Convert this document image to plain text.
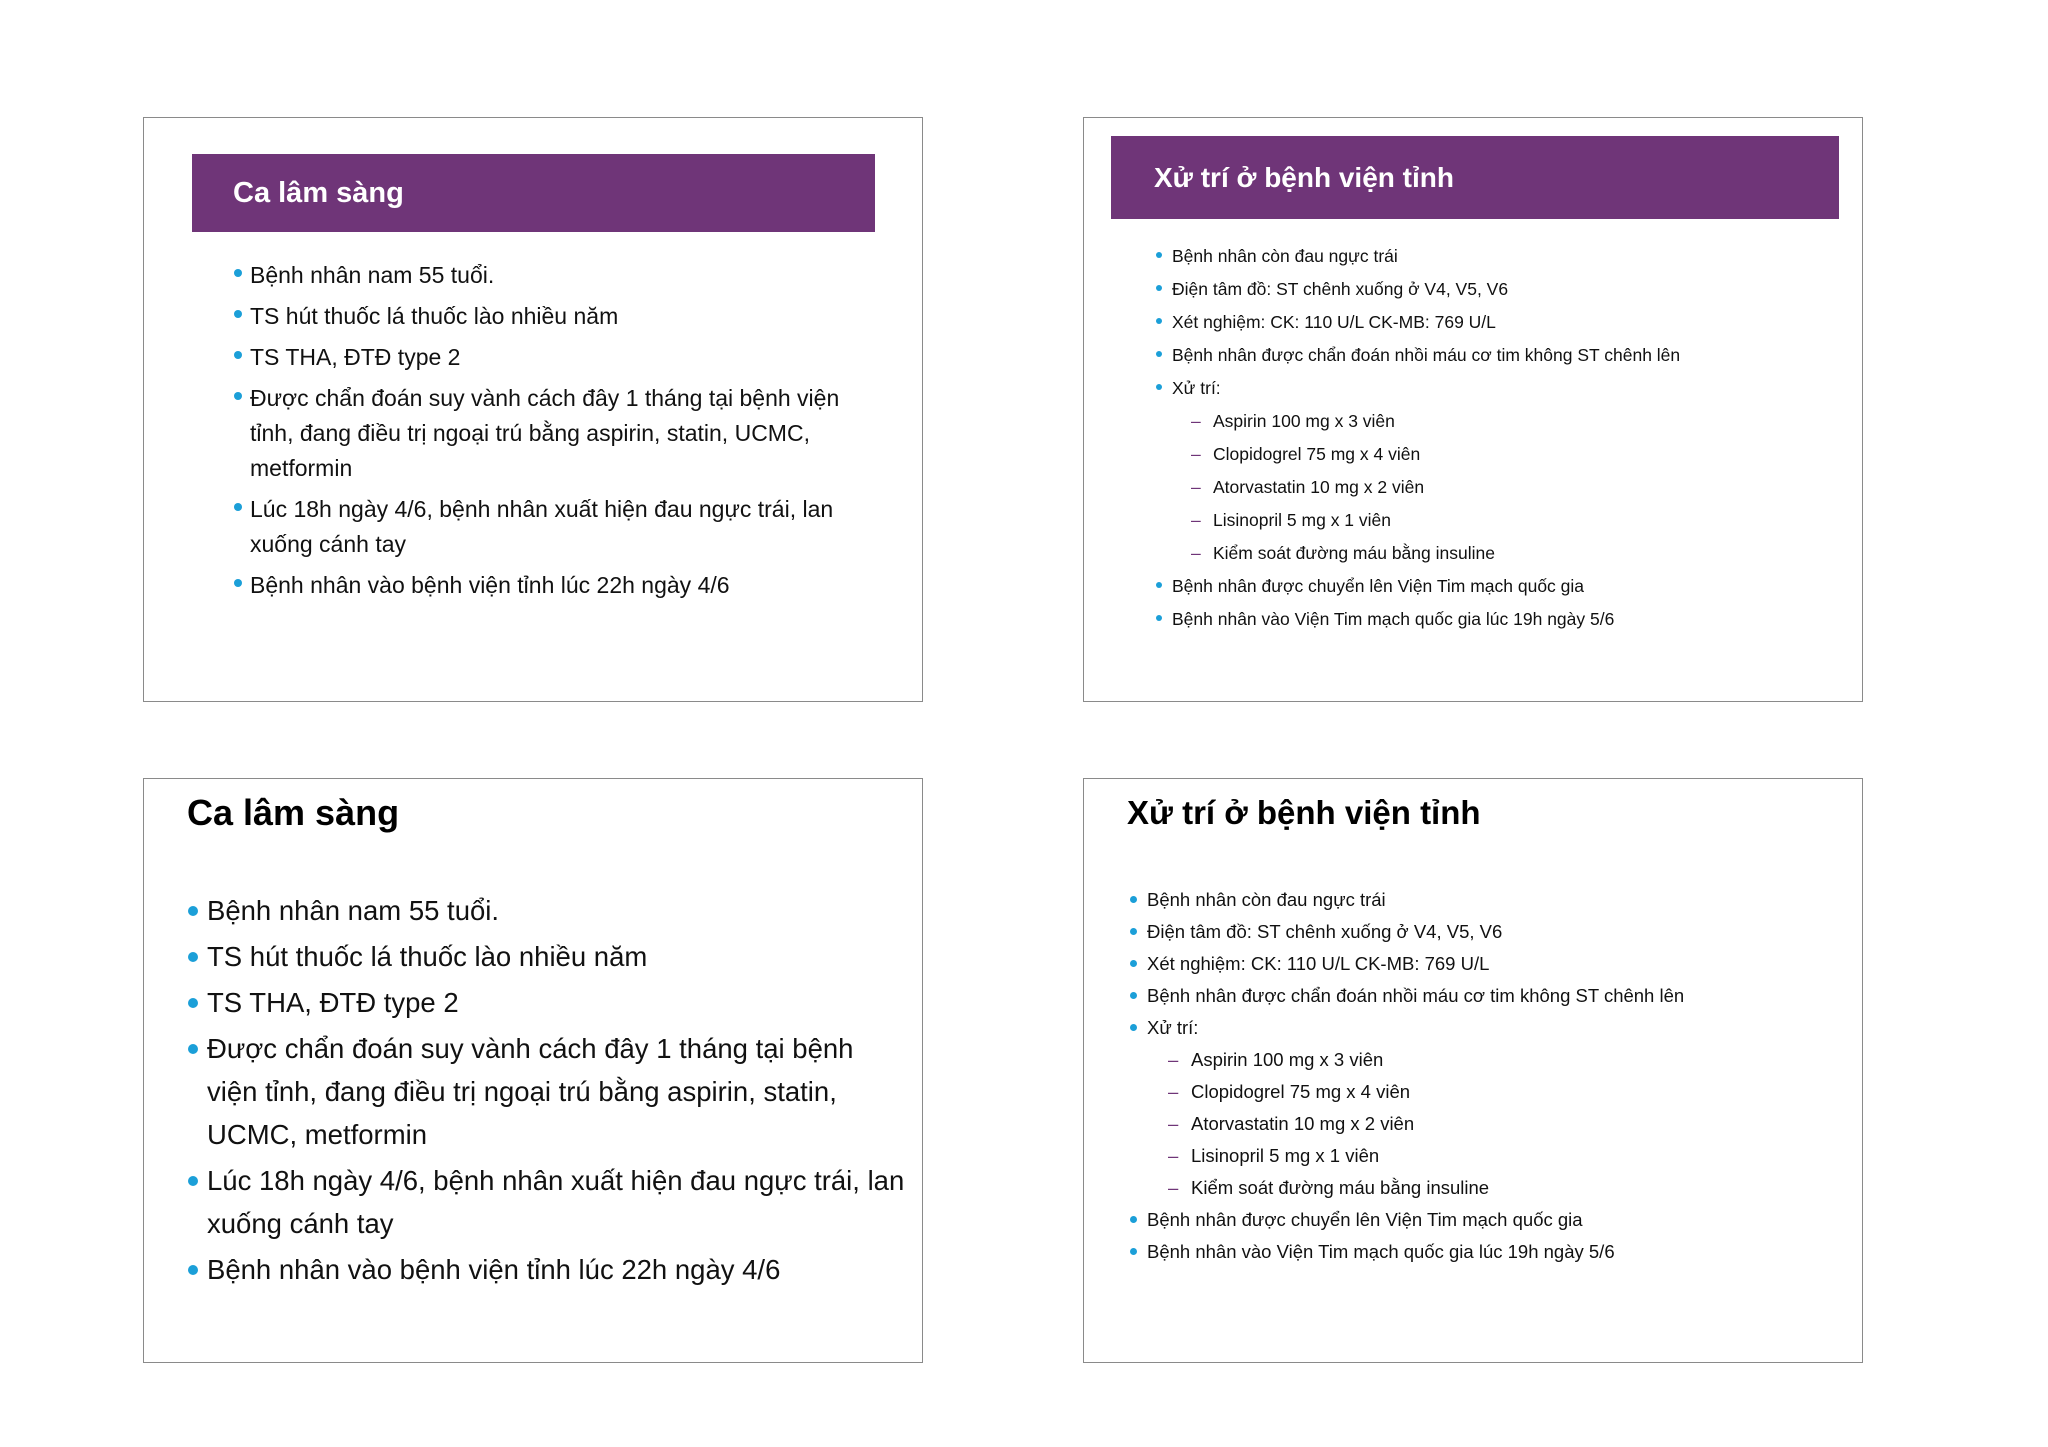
Ca lâm sàng
Bệnh nhân nam 55 tuổi.
TS hút thuốc lá thuốc lào nhiều năm
TS THA, ĐTĐ type 2
Được chẩn đoán suy vành cách đây 1 tháng tại bệnh viện tỉnh, đang điều trị ngoại trú bằng aspirin, statin, UCMC, metformin
Lúc 18h ngày 4/6, bệnh nhân xuất hiện đau ngực trái, lan xuống cánh tay
Bệnh nhân vào bệnh viện tỉnh lúc 22h ngày 4/6
Xử trí ở bệnh viện tỉnh
Bệnh nhân còn đau ngực trái
Điện tâm đồ: ST chênh xuống ở V4, V5, V6
Xét nghiệm: CK: 110 U/L CK-MB: 769 U/L
Bệnh nhân được chẩn đoán nhồi máu cơ tim không ST chênh lên
Xử trí:
– Aspirin 100 mg x 3 viên
– Clopidogrel 75 mg x 4 viên
– Atorvastatin 10 mg x 2 viên
– Lisinopril 5 mg x 1 viên
– Kiểm soát đường máu bằng insuline
Bệnh nhân được chuyển lên Viện Tim mạch quốc gia
Bệnh nhân vào Viện Tim mạch quốc gia lúc 19h ngày 5/6
Ca lâm sàng
Bệnh nhân nam 55 tuổi.
TS hút thuốc lá thuốc lào nhiều năm
TS THA, ĐTĐ type 2
Được chẩn đoán suy vành cách đây 1 tháng tại bệnh viện tỉnh, đang điều trị ngoại trú bằng aspirin, statin, UCMC, metformin
Lúc 18h ngày 4/6, bệnh nhân xuất hiện đau ngực trái, lan xuống cánh tay
Bệnh nhân vào bệnh viện tỉnh lúc 22h ngày 4/6
Xử trí ở bệnh viện tỉnh
Bệnh nhân còn đau ngực trái
Điện tâm đồ: ST chênh xuống ở V4, V5, V6
Xét nghiệm: CK: 110 U/L CK-MB: 769 U/L
Bệnh nhân được chẩn đoán nhồi máu cơ tim không ST chênh lên
Xử trí:
– Aspirin 100 mg x 3 viên
– Clopidogrel 75 mg x 4 viên
– Atorvastatin 10 mg x 2 viên
– Lisinopril 5 mg x 1 viên
– Kiểm soát đường máu bằng insuline
Bệnh nhân được chuyển lên Viện Tim mạch quốc gia
Bệnh nhân vào Viện Tim mạch quốc gia lúc 19h ngày 5/6
